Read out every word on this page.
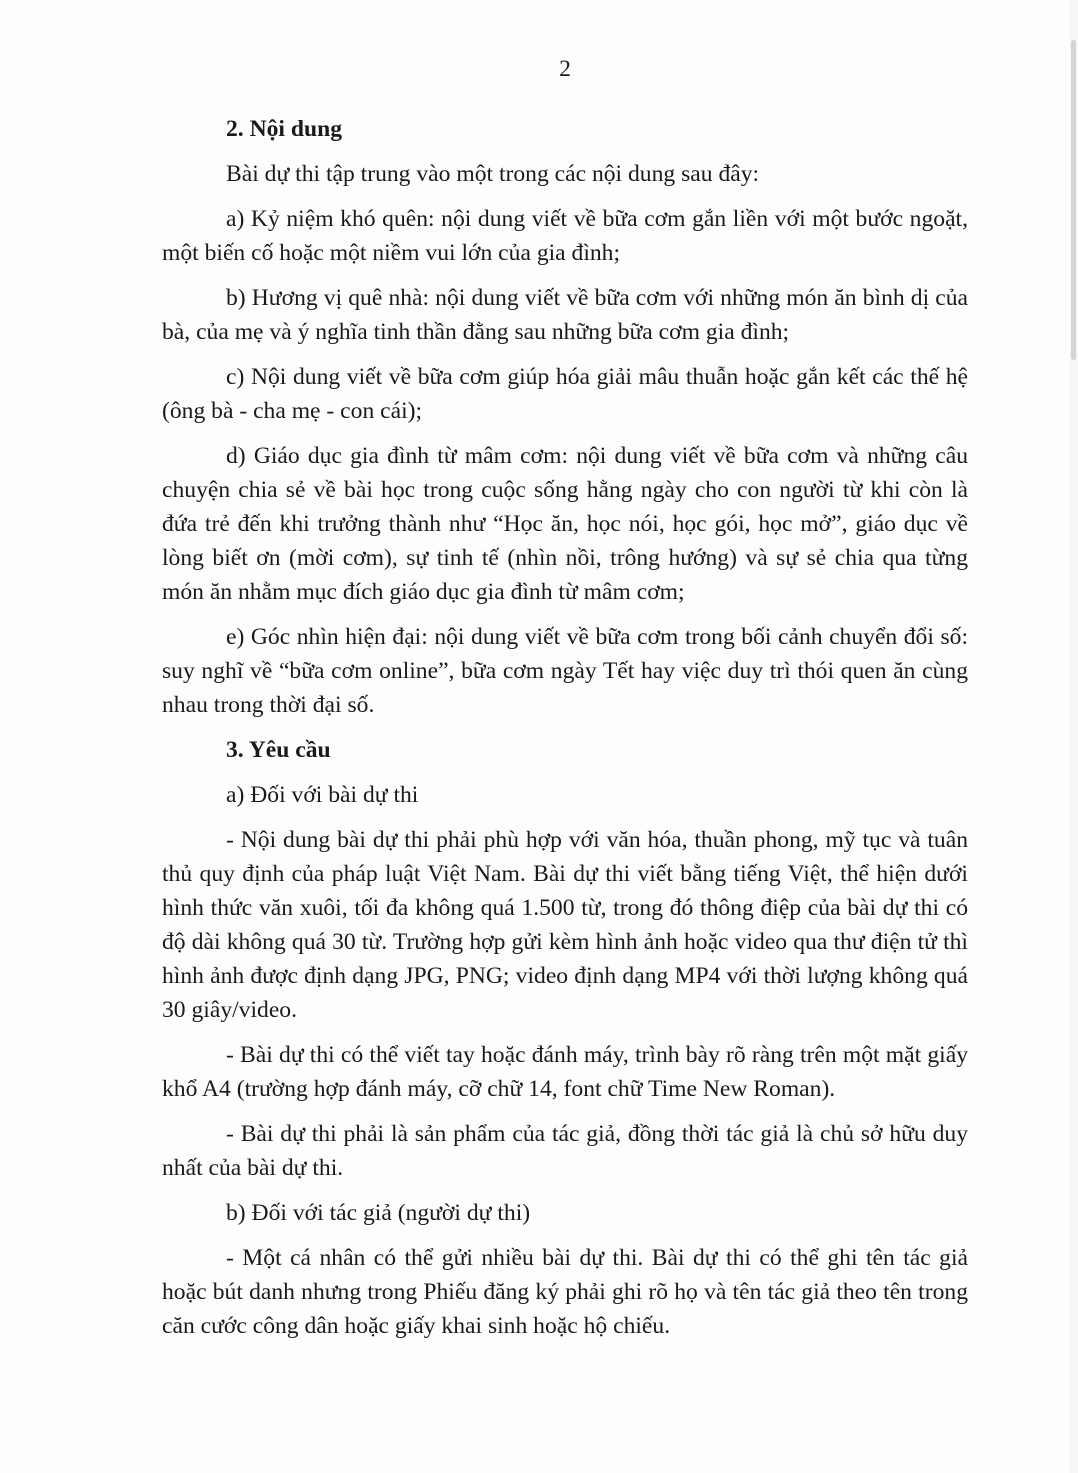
2
2. Nội dung

Bài dự thi tập trung vào một trong các nội dung sau đây:

a) Kỷ niệm khó quên: nội dung viết về bữa cơm gắn liền với một bước ngoặt, một biến cố hoặc một niềm vui lớn của gia đình;

b) Hương vị quê nhà: nội dung viết về bữa cơm với những món ăn bình dị của bà, của mẹ và ý nghĩa tinh thần đằng sau những bữa cơm gia đình;

c) Nội dung viết về bữa cơm giúp hóa giải mâu thuẫn hoặc gắn kết các thế hệ (ông bà - cha mẹ - con cái);

d) Giáo dục gia đình từ mâm cơm: nội dung viết về bữa cơm và những câu chuyện chia sẻ về bài học trong cuộc sống hằng ngày cho con người từ khi còn là đứa trẻ đến khi trưởng thành như “Học ăn, học nói, học gói, học mở”, giáo dục về lòng biết ơn (mời cơm), sự tinh tế (nhìn nồi, trông hướng) và sự sẻ chia qua từng món ăn nhằm mục đích giáo dục gia đình từ mâm cơm;

e) Góc nhìn hiện đại: nội dung viết về bữa cơm trong bối cảnh chuyển đổi số: suy nghĩ về “bữa cơm online”, bữa cơm ngày Tết hay việc duy trì thói quen ăn cùng nhau trong thời đại số.

3. Yêu cầu

a) Đối với bài dự thi

- Nội dung bài dự thi phải phù hợp với văn hóa, thuần phong, mỹ tục và tuân thủ quy định của pháp luật Việt Nam. Bài dự thi viết bằng tiếng Việt, thể hiện dưới hình thức văn xuôi, tối đa không quá 1.500 từ, trong đó thông điệp của bài dự thi có độ dài không quá 30 từ. Trường hợp gửi kèm hình ảnh hoặc video qua thư điện tử thì hình ảnh được định dạng JPG, PNG; video định dạng MP4 với thời lượng không quá 30 giây/video.

- Bài dự thi có thể viết tay hoặc đánh máy, trình bày rõ ràng trên một mặt giấy khổ A4 (trường hợp đánh máy, cỡ chữ 14, font chữ Time New Roman).

- Bài dự thi phải là sản phẩm của tác giả, đồng thời tác giả là chủ sở hữu duy nhất của bài dự thi.

b) Đối với tác giả (người dự thi)

- Một cá nhân có thể gửi nhiều bài dự thi. Bài dự thi có thể ghi tên tác giả hoặc bút danh nhưng trong Phiếu đăng ký phải ghi rõ họ và tên tác giả theo tên trong căn cước công dân hoặc giấy khai sinh hoặc hộ chiếu.
